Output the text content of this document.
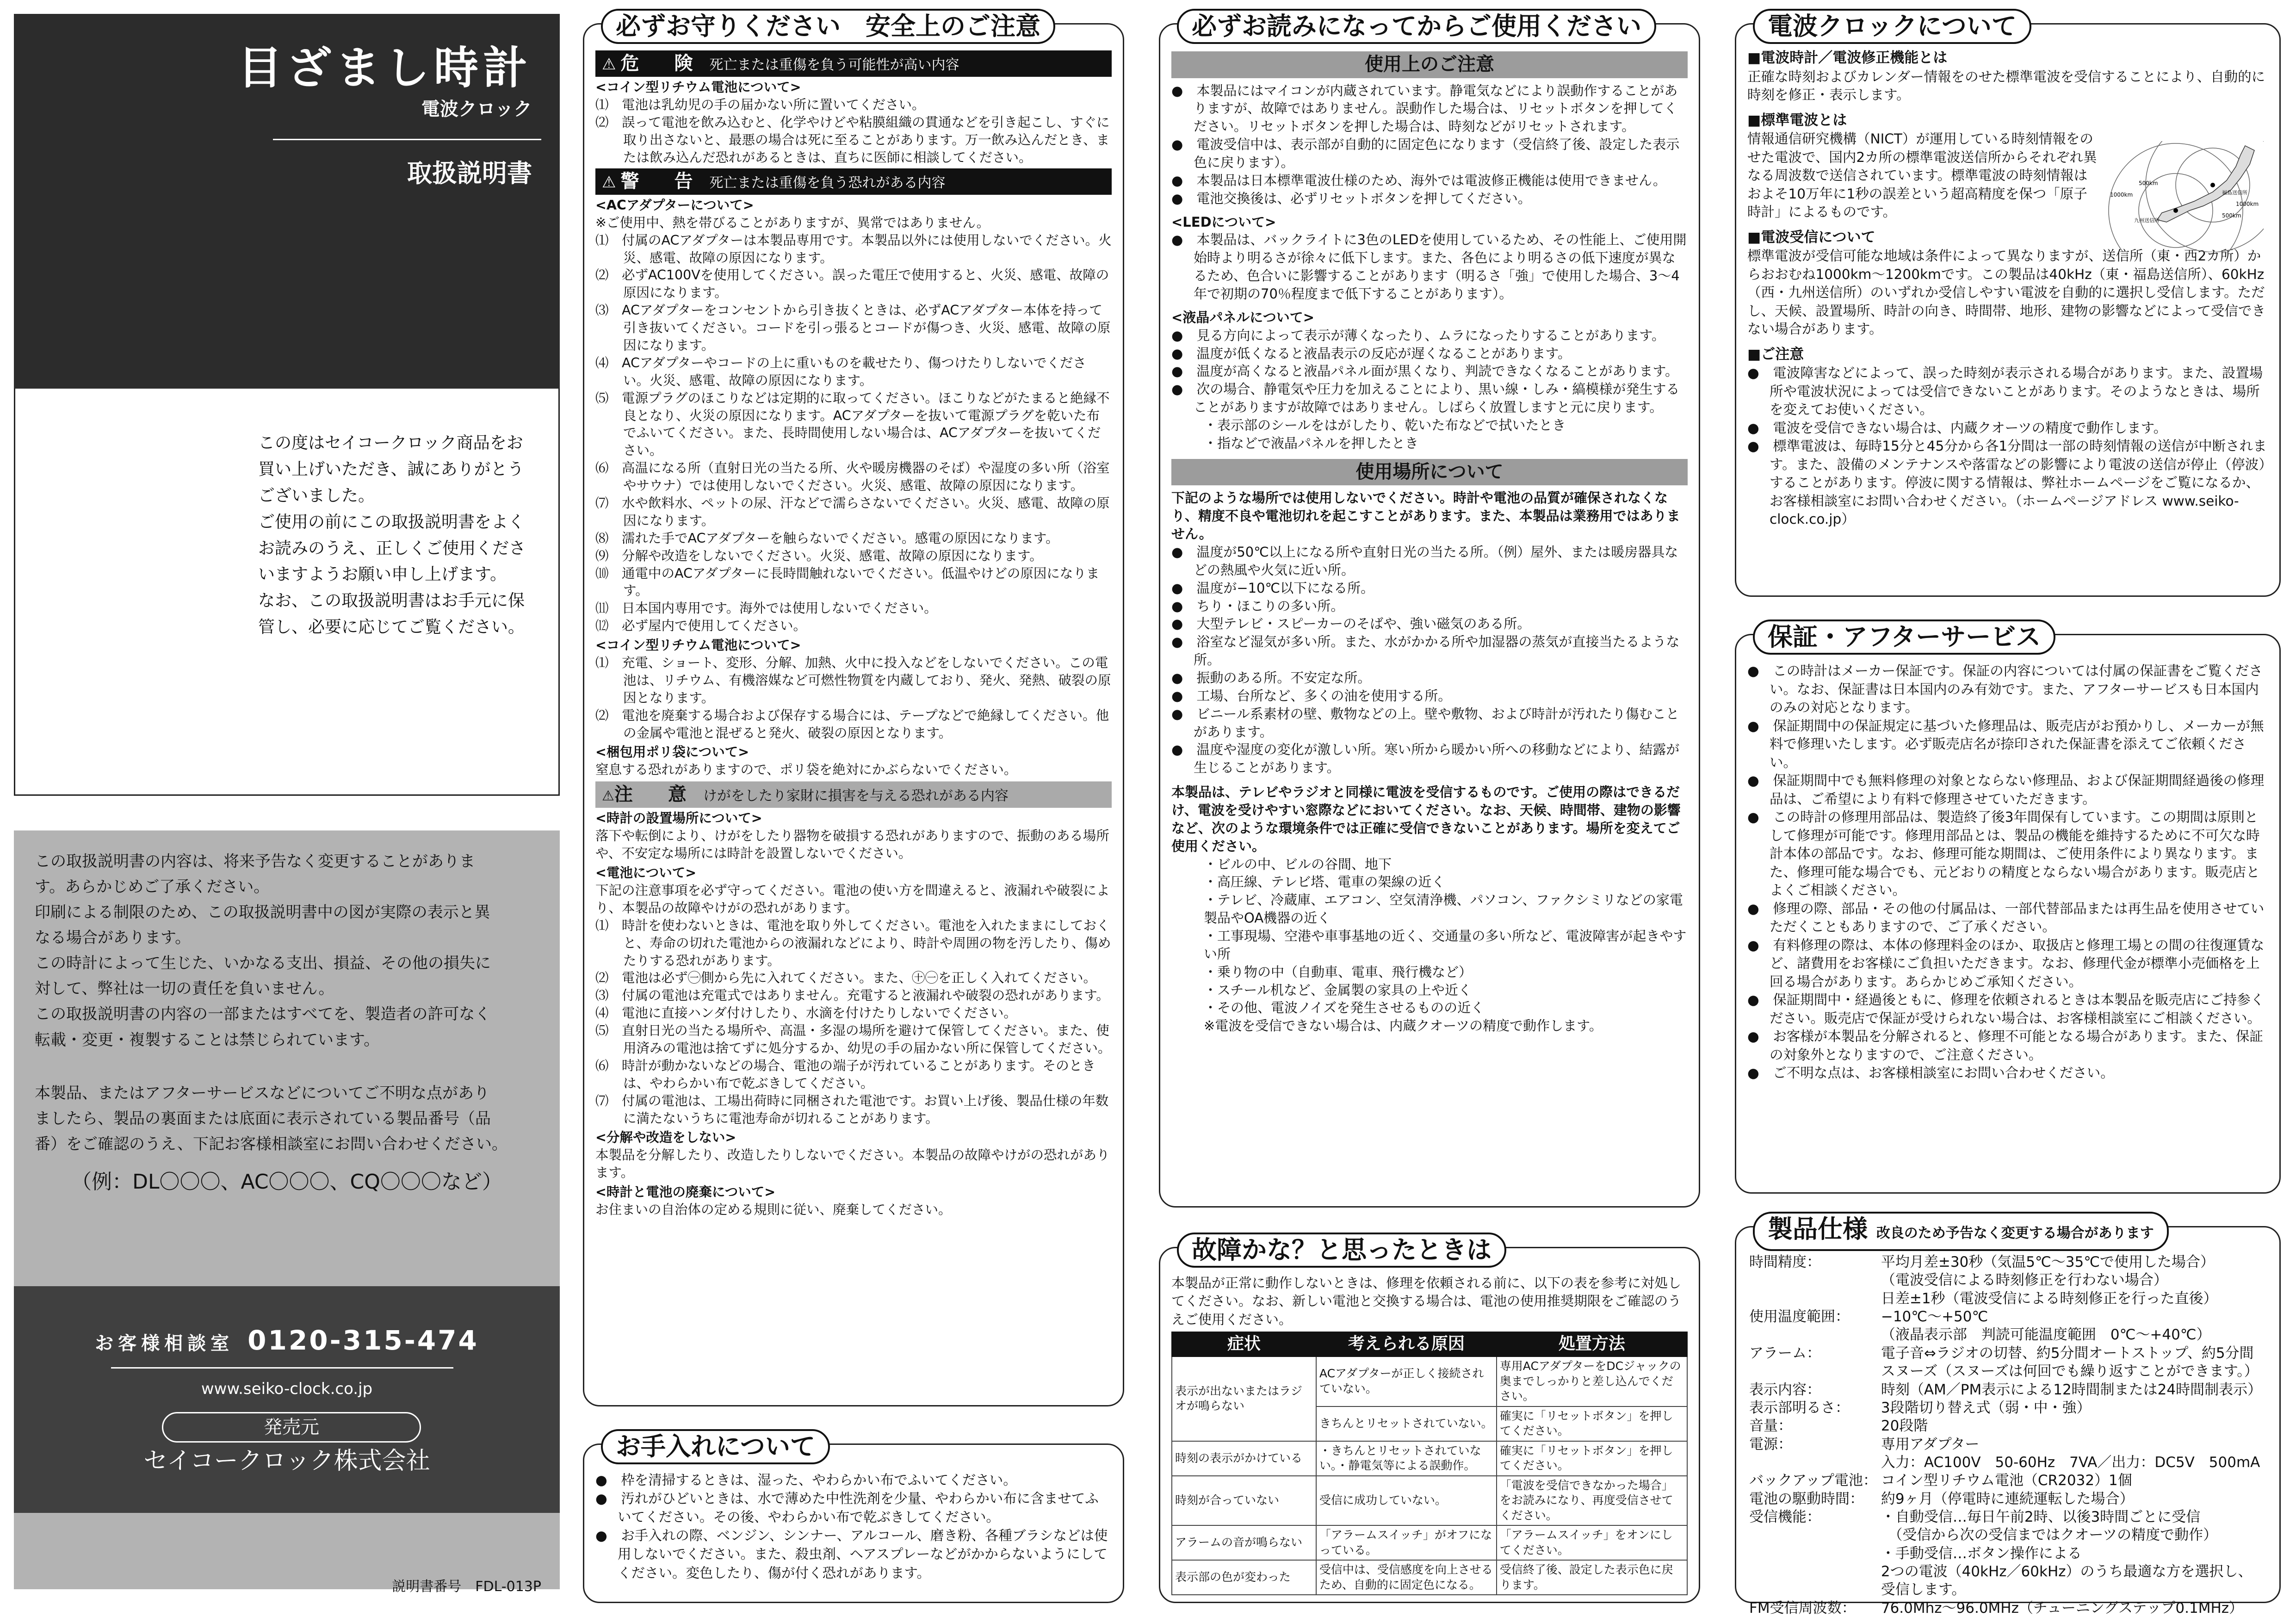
目ざまし時計
電波クロック
取扱説明書
この度はセイコークロック商品をお
買い上げいただき、誠にありがとう
ございました。
ご使用の前にこの取扱説明書をよく
お読みのうえ、正しくご使用くださ
いますようお願い申し上げます。
なお、この取扱説明書はお手元に保
管し、必要に応じてご覧ください。

この取扱説明書の内容は、将来予告なく変更することがありま

す。あらかじめご了承ください。

印刷による制限のため、この取扱説明書中の図が実際の表示と異

なる場合があります。

この時計によって生じた、いかなる支出、損益、その他の損失に

対して、弊社は一切の責任を負いません。

この取扱説明書の内容の一部またはすべてを、製造者の許可なく

転載・変更・複製することは禁じられています。

本製品、またはアフターサービスなどについてご不明な点があり

ましたら、製品の裏面または底面に表示されている製品番号（品

番）をご確認のうえ、下記お客様相談室にお問い合わせください。

（例：DL〇〇〇、AC〇〇〇、CQ〇〇〇など）
お客様相談室 0120-315-474
www.seiko-clock.co.jp
発売元
セイコークロック株式会社
説明書番号　FDL-013P
必ずお守りください　安全上のご注意
⚠ 危　険 死亡または重傷を負う可能性が高い内容
<コイン型リチウム電池について>
⑴　電池は乳幼児の手の届かない所に置いてください。
⑵　誤って電池を飲み込むと、化学やけどや粘膜組織の貫通などを引き起こし、すぐに取り出さないと、最悪の場合は死に至ることがあります。万一飲み込んだとき、または飲み込んだ恐れがあるときは、直ちに医師に相談してください。
⚠ 警　告 死亡または重傷を負う恐れがある内容
<ACアダプターについて>
※ご使用中、熱を帯びることがありますが、異常ではありません。
⑴　付属のACアダプターは本製品専用です。本製品以外には使用しないでください。火災、感電、故障の原因になります。
⑵　必ずAC100Vを使用してください。誤った電圧で使用すると、火災、感電、故障の原因になります。
⑶　ACアダプターをコンセントから引き抜くときは、必ずACアダプター本体を持って引き抜いてください。コードを引っ張るとコードが傷つき、火災、感電、故障の原因になります。
⑷　ACアダプターやコードの上に重いものを載せたり、傷つけたりしないでください。火災、感電、故障の原因になります。
⑸　電源プラグのほこりなどは定期的に取ってください。ほこりなどがたまると絶縁不良となり、火災の原因になります。ACアダプターを抜いて電源プラグを乾いた布でふいてください。また、長時間使用しない場合は、ACアダプターを抜いてください。
⑹　高温になる所（直射日光の当たる所、火や暖房機器のそば）や湿度の多い所（浴室やサウナ）では使用しないでください。火災、感電、故障の原因になります。
⑺　水や飲料水、ペットの尿、汗などで濡らさないでください。火災、感電、故障の原因になります。
⑻　濡れた手でACアダプターを触らないでください。感電の原因になります。
⑼　分解や改造をしないでください。火災、感電、故障の原因になります。
⑽　通電中のACアダプターに長時間触れないでください。低温やけどの原因になります。
⑾　日本国内専用です。海外では使用しないでください。
⑿　必ず屋内で使用してください。
<コイン型リチウム電池について>
⑴　充電、ショート、変形、分解、加熱、火中に投入などをしないでください。この電池は、リチウム、有機溶媒など可燃性物質を内蔵しており、発火、発熱、破裂の原因となります。
⑵　電池を廃棄する場合および保存する場合には、テープなどで絶縁してください。他の金属や電池と混ぜると発火、破裂の原因となります。
<梱包用ポリ袋について>
窒息する恐れがありますので、ポリ袋を絶対にかぶらないでください。
⚠注　意 けがをしたり家財に損害を与える恐れがある内容
<時計の設置場所について>
落下や転倒により、けがをしたり器物を破損する恐れがありますので、振動のある場所や、不安定な場所には時計を設置しないでください。
<電池について>
下記の注意事項を必ず守ってください。電池の使い方を間違えると、液漏れや破裂により、本製品の故障やけがの恐れがあります。
⑴　時計を使わないときは、電池を取り外してください。電池を入れたままにしておくと、寿命の切れた電池からの液漏れなどにより、時計や周囲の物を汚したり、傷めたりする恐れがあります。
⑵　電池は必ず㊀側から先に入れてください。また、㊉㊀を正しく入れてください。
⑶　付属の電池は充電式ではありません。充電すると液漏れや破裂の恐れがあります。
⑷　電池に直接ハンダ付けしたり、水滴を付けたりしないでください。
⑸　直射日光の当たる場所や、高温・多湿の場所を避けて保管してください。また、使用済みの電池は捨てずに処分するか、幼児の手の届かない所に保管してください。
⑹　時計が動かないなどの場合、電池の端子が汚れていることがあります。そのときは、やわらかい布で乾ぶきしてください。
⑺　付属の電池は、工場出荷時に同梱された電池です。お買い上げ後、製品仕様の年数に満たないうちに電池寿命が切れることがあります。
<分解や改造をしない>
本製品を分解したり、改造したりしないでください。本製品の故障やけがの恐れがあります。
<時計と電池の廃棄について>
お住まいの自治体の定める規則に従い、廃棄してください。
お手入れについて
●　枠を清掃するときは、湿った、やわらかい布でふいてください。
●　汚れがひどいときは、水で薄めた中性洗剤を少量、やわらかい布に含ませてふいてください。その後、やわらかい布で乾ぶきしてください。
●　お手入れの際、ベンジン、シンナー、アルコール、磨き粉、各種ブラシなどは使用しないでください。また、殺虫剤、ヘアスプレーなどがかからないようにしてください。変色したり、傷が付く恐れがあります。
必ずお読みになってからご使用ください
使用上のご注意
●　本製品にはマイコンが内蔵されています。静電気などにより誤動作することがありますが、故障ではありません。誤動作した場合は、リセットボタンを押してください。リセットボタンを押した場合は、時刻などがリセットされます。
●　電波受信中は、表示部が自動的に固定色になります（受信終了後、設定した表示色に戻ります）。
●　本製品は日本標準電波仕様のため、海外では電波修正機能は使用できません。
●　電池交換後は、必ずリセットボタンを押してください。
<LEDについて>
●　本製品は、バックライトに3色のLEDを使用しているため、その性能上、ご使用開始時より明るさが徐々に低下します。また、各色により明るさの低下速度が異なるため、色合いに影響することがあります（明るさ「強」で使用した場合、3〜4年で初期の70％程度まで低下することがあります）。
<液晶パネルについて>
●　見る方向によって表示が薄くなったり、ムラになったりすることがあります。
●　温度が低くなると液晶表示の反応が遅くなることがあります。
●　温度が高くなると液晶パネル面が黒くなり、判読できなくなることがあります。
●　次の場合、静電気や圧力を加えることにより、黒い線・しみ・縞模様が発生することがありますが故障ではありません。しばらく放置しますと元に戻ります。
・表示部のシールをはがしたり、乾いた布などで拭いたとき
・指などで液晶パネルを押したとき
使用場所について
下記のような場所では使用しないでください。時計や電池の品質が確保されなくなり、精度不良や電池切れを起こすことがあります。また、本製品は業務用ではありません。
●　温度が50℃以上になる所や直射日光の当たる所。（例）屋外、または暖房器具などの熱風や火気に近い所。
●　温度が−10℃以下になる所。
●　ちり・ほこりの多い所。
●　大型テレビ・スピーカーのそばや、強い磁気のある所。
●　浴室など湿気が多い所。また、水がかかる所や加湿器の蒸気が直接当たるような所。
●　振動のある所。不安定な所。
●　工場、台所など、多くの油を使用する所。
●　ビニール系素材の壁、敷物などの上。壁や敷物、および時計が汚れたり傷むことがあります。
●　温度や湿度の変化が激しい所。寒い所から暖かい所への移動などにより、結露が生じることがあります。
本製品は、テレビやラジオと同様に電波を受信するものです。ご使用の際はできるだけ、電波を受けやすい窓際などにおいてください。なお、天候、時間帯、建物の影響など、次のような環境条件では正確に受信できないことがあります。場所を変えてご使用ください。
・ビルの中、ビルの谷間、地下
・高圧線、テレビ塔、電車の架線の近く
・テレビ、冷蔵庫、エアコン、空気清浄機、パソコン、ファクシミリなどの家電製品やOA機器の近く
・工事現場、空港や車事基地の近く、交通量の多い所など、電波障害が起きやすい所
・乗り物の中（自動車、電車、飛行機など）
・スチール机など、金属製の家具の上や近く
・その他、電波ノイズを発生させるものの近く
※電波を受信できない場合は、内蔵クオーツの精度で動作します。
故障かな？と思ったときは
本製品が正常に動作しないときは、修理を依頼される前に、以下の表を参考に対処してください。なお、新しい電池と交換する場合は、電池の使用推奨期限をご確認のうえご使用ください。
症状	考えられる原因	処置方法
表示が出ないまたはラジオが鳴らない	ACアダプターが正しく接続されていない。	専用ACアダプターをDCジャックの奥までしっかりと差し込んでください。
	きちんとリセットされていない。	確実に「リセットボタン」を押してください。
時刻の表示がかけている	・きちんとリセットされていない。・静電気等による誤動作。	確実に「リセットボタン」を押してください。
時刻が合っていない	受信に成功していない。	「電波を受信できなかった場合」をお読みになり、再度受信させてください。
アラームの音が鳴らない	「アラームスイッチ」がオフになっている。	「アラームスイッチ」をオンにしてください。
表示部の色が変わった	受信中は、受信感度を向上させるため、自動的に固定色になる。	受信終了後、設定した表示色に戻ります。
電波クロックについて
■電波時計／電波修正機能とは
正確な時刻およびカレンダー情報をのせた標準電波を受信することにより、自動的に時刻を修正・表示します。
■標準電波とは
情報通信研究機構（NICT）が運用している時刻情報をのせた電波で、国内2カ所の標準電波送信所からそれぞれ異なる周波数で送信されています。標準電波の時刻情報はおよそ10万年に1秒の誤差という超高精度を保つ「原子時計」によるものです。
1000km
500km
1000km
500km
九州送信所
福島送信所
■電波受信について
標準電波が受信可能な地域は条件によって異なりますが、送信所（東・西2カ所）からおおむね1000km〜1200kmです。この製品は40kHz（東・福島送信所）、60kHz（西・九州送信所）のいずれか受信しやすい電波を自動的に選択し受信します。ただし、天候、設置場所、時計の向き、時間帯、地形、建物の影響などによって受信できない場合があります。
■ご注意
●　電波障害などによって、誤った時刻が表示される場合があります。また、設置場所や電波状況によっては受信できないことがあります。そのようなときは、場所を変えてお使いください。
●　電波を受信できない場合は、内蔵クオーツの精度で動作します。
●　標準電波は、毎時15分と45分から各1分間は一部の時刻情報の送信が中断されます。また、設備のメンテナンスや落雷などの影響により電波の送信が停止（停波）することがあります。停波に関する情報は、弊社ホームページをご覧になるか、お客様相談室にお問い合わせください。（ホームページアドレス www.seiko-clock.co.jp）
保証・アフターサービス
●　この時計はメーカー保証です。保証の内容については付属の保証書をご覧ください。なお、保証書は日本国内のみ有効です。また、アフターサービスも日本国内のみの対応となります。
●　保証期間中の保証規定に基づいた修理品は、販売店がお預かりし、メーカーが無料で修理いたします。必ず販売店名が捺印された保証書を添えてご依頼ください。
●　保証期間中でも無料修理の対象とならない修理品、および保証期間経過後の修理品は、ご希望により有料で修理させていただきます。
●　この時計の修理用部品は、製造終了後3年間保有しています。この期間は原則として修理が可能です。修理用部品とは、製品の機能を維持するために不可欠な時計本体の部品です。なお、修理可能な期間は、ご使用条件により異なります。また、修理可能な場合でも、元どおりの精度とならない場合があります。販売店とよくご相談ください。
●　修理の際、部品・その他の付属品は、一部代替部品または再生品を使用させていただくこともありますので、ご了承ください。
●　有料修理の際は、本体の修理料金のほか、取扱店と修理工場との間の往復運賃など、諸費用をお客様にご負担いただきます。なお、修理代金が標準小売価格を上回る場合があります。あらかじめご承知ください。
●　保証期間中・経過後ともに、修理を依頼されるときは本製品を販売店にご持参ください。販売店で保証が受けられない場合は、お客様相談室にご相談ください。
●　お客様が本製品を分解されると、修理不可能となる場合があります。また、保証の対象外となりますので、ご注意ください。
●　ご不明な点は、お客様相談室にお問い合わせください。
製品仕様 改良のため予告なく変更する場合があります
時間精度：	平均月差±30秒（気温5℃〜35℃で使用した場合）
（電波受信による時刻修正を行わない場合）
日差±1秒（電波受信による時刻修正を行った直後）
使用温度範囲：	−10℃〜+50℃
（液晶表示部　判読可能温度範囲　0℃〜+40℃）
アラーム：	電子音⇔ラジオの切替、約5分間オートストップ、約5分間スヌーズ（スヌーズは何回でも繰り返すことができます。）
表示内容：	時刻（AM／PM表示による12時間制または24時間制表示）
表示部明るさ：	3段階切り替え式（弱・中・強）
音量：	20段階
電源：	専用アダプター
入力：AC100V　50-60Hz　7VA／出力：DC5V　500mA
バックアップ電池：	コイン型リチウム電池（CR2032）1個
電池の駆動時間：	約9ヶ月（停電時に連続運転した場合）
受信機能：	・自動受信…毎日午前2時、以後3時間ごとに受信
　（受信から次の受信まではクオーツの精度で動作）
・手動受信…ボタン操作による
2つの電波（40kHz／60kHz）のうち最適な方を選択し、受信します。
FM受信周波数：	76.0Mhz〜96.0MHz（チューニングステップ0.1MHz）
